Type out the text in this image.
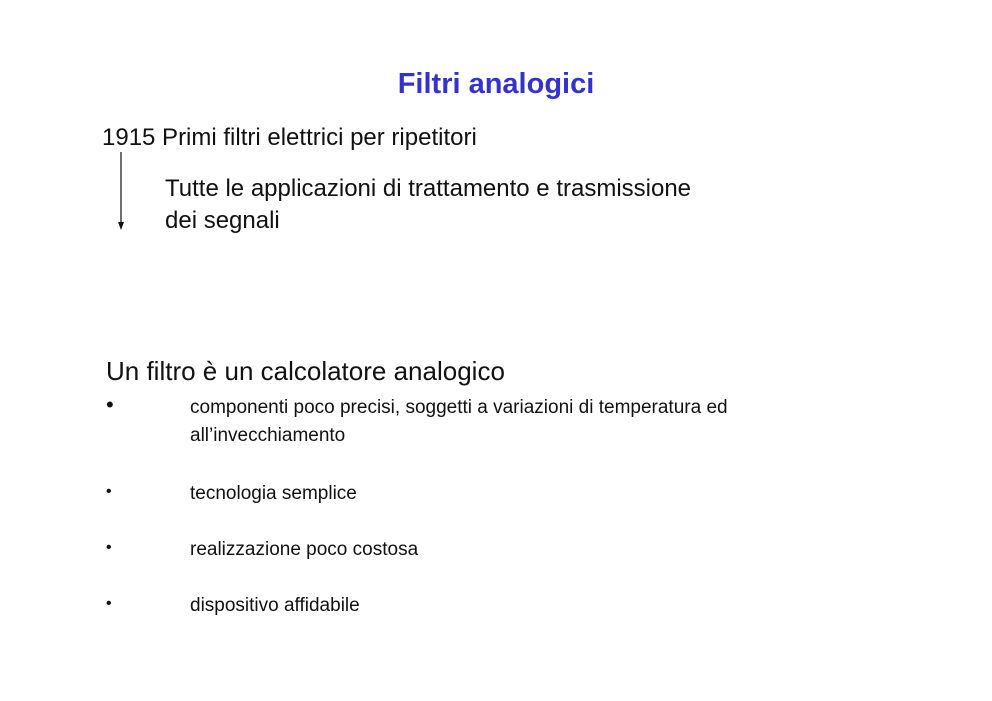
Filtri analogici
1915 Primi filtri elettrici per ripetitori
Tutte le applicazioni di trattamento e trasmissione
dei segnali
Un filtro è un calcolatore analogico
•	componenti poco precisi, soggetti a variazioni di temperatura ed
all’invecchiamento
•	tecnologia semplice
•	realizzazione poco costosa
•	dispositivo affidabile
